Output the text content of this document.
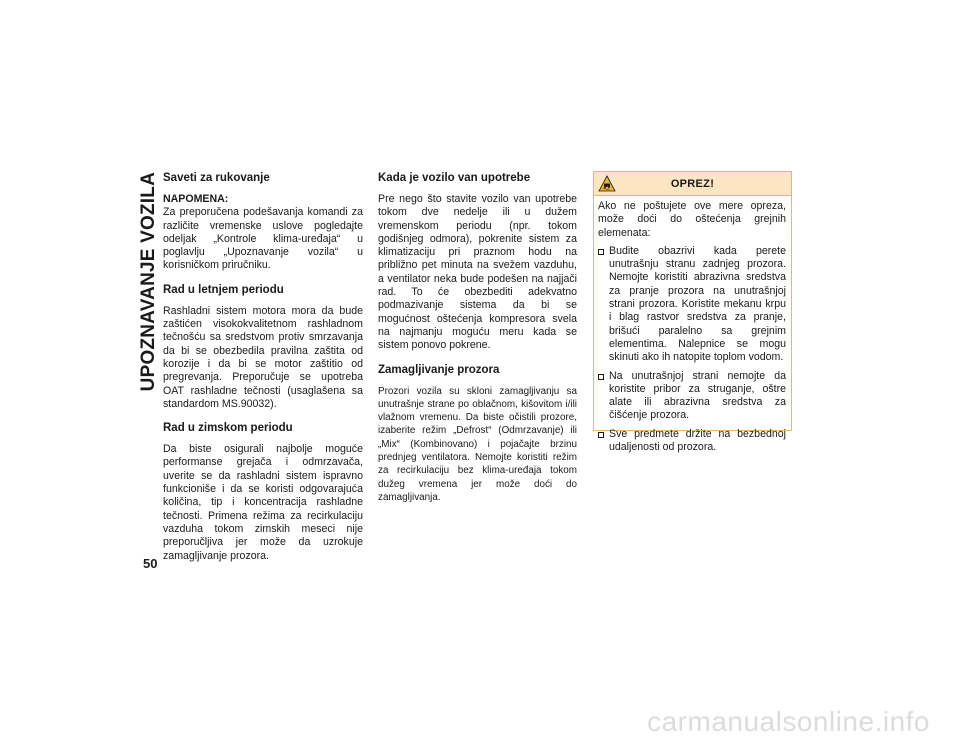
UPOZNAVANJE VOZILA
50
Saveti za rukovanje

NAPOMENA:

Za preporučena podešavanja komandi za različite vremenske uslove pogledajte odeljak „Kontrole klima-uređaja“ u poglavlju „Upoznavanje vozila“ u korisničkom priručniku.

Rad u letnjem periodu

Rashladni sistem motora mora da bude zaštićen visokokvalitetnom rashladnom tečnošću sa sredstvom protiv smrzavanja da bi se obezbedila pravilna zaštita od korozije i da bi se motor zaštitio od pregrevanja. Preporučuje se upotreba OAT rashladne tečnosti (usaglašena sa standardom MS.90032).

Rad u zimskom periodu

Da biste osigurali najbolje moguće performanse grejača i odmrzavača, uverite se da rashladni sistem ispravno funkcioniše i da se koristi odgovarajuća količina, tip i koncentracija rashladne tečnosti. Primena režima za recirkulaciju vazduha tokom zimskih meseci nije preporučljiva jer može da uzrokuje zamagljivanje prozora.

Kada je vozilo van upotrebe

Pre nego što stavite vozilo van upotrebe tokom dve nedelje ili u dužem vremenskom periodu (npr. tokom godišnjeg odmora), pokrenite sistem za klimatizaciju pri praznom hodu na približno pet minuta na svežem vazduhu, a ventilator neka bude podešen na najjači rad. To će obezbediti adekvatno podmazivanje sistema da bi se mogućnost oštećenja kompresora svela na najmanju moguću meru kada se sistem ponovo pokrene.

Zamagljivanje prozora

Prozori vozila su skloni zamagljivanju sa unutrašnje strane po oblačnom, kišovitom i/ili vlažnom vremenu. Da biste očistili prozore, izaberite režim „Defrost“ (Odmrzavanje) ili „Mix“ (Kombinovano) i pojačajte brzinu prednjeg ventilatora. Nemojte koristiti režim za recirkulaciju bez klima-uređaja tokom dužeg vremena jer može doći do zamagljivanja.

OPREZ!

Ako ne poštujete ove mere opreza, može doći do oštećenja grejnih elemenata:

Budite obazrivi kada perete unutrašnju stranu zadnjeg prozora. Nemojte koristiti abrazivna sredstva za pranje prozora na unutrašnjoj strani prozora. Koristite mekanu krpu i blag rastvor sredstva za pranje, brišući paralelno sa grejnim elementima. Nalepnice se mogu skinuti ako ih natopite toplom vodom.
Na unutrašnjoj strani nemojte da koristite pribor za struganje, oštre alate ili abrazivna sredstva za čišćenje prozora.
Sve predmete držite na bezbednoj udaljenosti od prozora.
carmanualsonline.info
